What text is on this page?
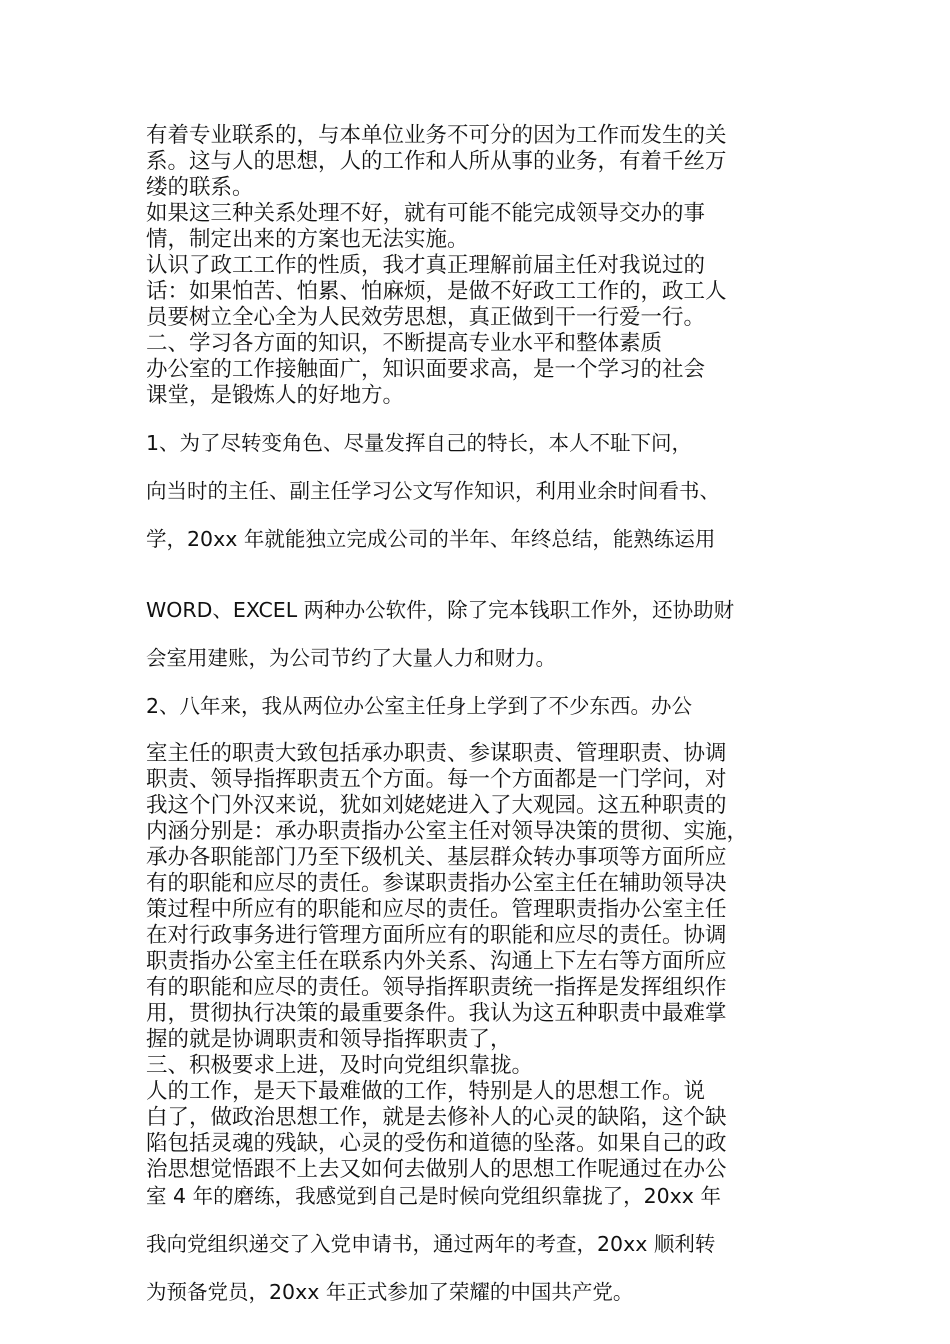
有着专业联系的，与本单位业务不可分的因为工作而发生的关
系。这与人的思想，人的工作和人所从事的业务，有着千丝万
缕的联系。
如果这三种关系处理不好，就有可能不能完成领导交办的事
情，制定出来的方案也无法实施。
认识了政工工作的性质，我才真正理解前届主任对我说过的
话：如果怕苦、怕累、怕麻烦，是做不好政工工作的，政工人
员要树立全心全为人民效劳思想，真正做到干一行爱一行。
二、学习各方面的知识，不断提高专业水平和整体素质
办公室的工作接触面广，知识面要求高，是一个学习的社会
课堂，是锻炼人的好地方。
1、为了尽转变角色、尽量发挥自己的特长，本人不耻下问，
向当时的主任、副主任学习公文写作知识，利用业余时间看书、
学，20xx 年就能独立完成公司的半年、年终总结，能熟练运用
WORD、EXCEL 两种办公软件，除了完本钱职工作外，还协助财
会室用建账，为公司节约了大量人力和财力。
2、八年来，我从两位办公室主任身上学到了不少东西。办公
室主任的职责大致包括承办职责、参谋职责、管理职责、协调
职责、领导指挥职责五个方面。每一个方面都是一门学问，对
我这个门外汉来说，犹如刘姥姥进入了大观园。这五种职责的
内涵分别是：承办职责指办公室主任对领导决策的贯彻、实施，
承办各职能部门乃至下级机关、基层群众转办事项等方面所应
有的职能和应尽的责任。参谋职责指办公室主任在辅助领导决
策过程中所应有的职能和应尽的责任。管理职责指办公室主任
在对行政事务进行管理方面所应有的职能和应尽的责任。协调
职责指办公室主任在联系内外关系、沟通上下左右等方面所应
有的职能和应尽的责任。领导指挥职责统一指挥是发挥组织作
用，贯彻执行决策的最重要条件。我认为这五种职责中最难掌
握的就是协调职责和领导指挥职责了，
三、积极要求上进，及时向党组织靠拢。
人的工作，是天下最难做的工作，特别是人的思想工作。说
白了，做政治思想工作，就是去修补人的心灵的缺陷，这个缺
陷包括灵魂的残缺，心灵的受伤和道德的坠落。如果自己的政
治思想觉悟跟不上去又如何去做别人的思想工作呢通过在办公
室 4 年的磨练，我感觉到自己是时候向党组织靠拢了，20xx 年
我向党组织递交了入党申请书，通过两年的考查，20xx 顺利转
为预备党员，20xx 年正式参加了荣耀的中国共产党。
